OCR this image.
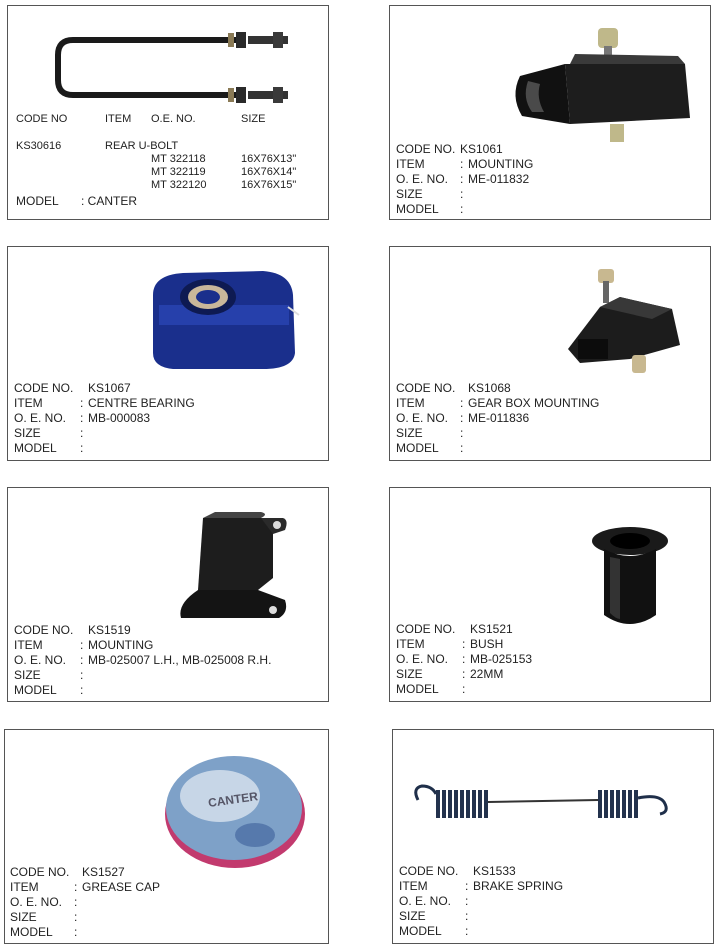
CODE NO	ITEM O.E. NO.	SIZE
KS30616	REAR U-BOLT
MT 322118	16X76X13"
MT 322119	16X76X14"
MT 322120	16X76X15"
MODEL : CANTER
CODE NO. KS1061
ITEM	: MOUNTING
O. E. NO. : ME-011832
SIZE	:
MODEL	:
CODE NO.	KS1067
ITEM	: CENTRE BEARING
O. E. NO.	: MB-000083
SIZE	:
MODEL	:
CODE NO.	KS1068
ITEM	: GEAR BOX MOUNTING
O. E. NO. : ME-011836
SIZE	:
MODEL	:
CODE NO.	KS1519
ITEM	: MOUNTING
O. E. NO.	: MB-025007 L.H., MB-025008 R.H.
SIZE	:
MODEL	:
CODE NO.	KS1521
ITEM	: BUSH
O. E. NO.	: MB-025153
SIZE	: 22MM
MODEL	:
CANTER
CODE NO.	KS1527
ITEM	: GREASE CAP
O. E. NO. :
SIZE	:
MODEL	:
CODE NO.	KS1533
ITEM	: BRAKE SPRING
O. E. NO.	:
SIZE	:
MODEL	:
